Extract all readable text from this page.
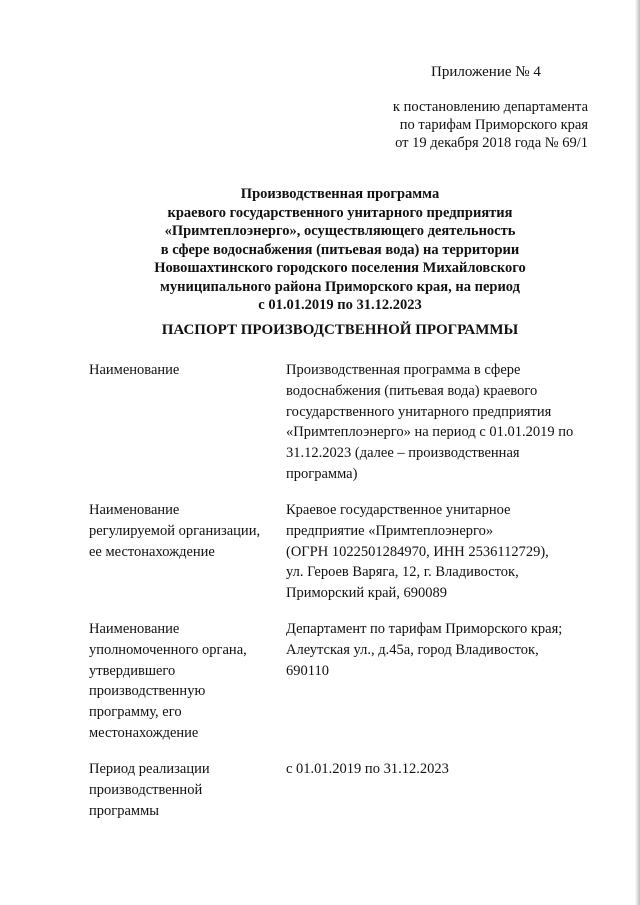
Приложение № 4
к постановлению департамента
по тарифам Приморского края
от 19 декабря 2018 года № 69/1
Производственная программа
краевого государственного унитарного предприятия
«Примтеплоэнерго», осуществляющего деятельность
в сфере водоснабжения (питьевая вода) на территории
Новошахтинского городского поселения Михайловского
муниципального района Приморского края, на период
с 01.01.2019 по 31.12.2023
ПАСПОРТ ПРОИЗВОДСТВЕННОЙ ПРОГРАММЫ
Наименование	Производственная программа в сфере
водоснабжения (питьевая вода) краевого
государственного унитарного предприятия
«Примтеплоэнерго» на период с 01.01.2019 по
31.12.2023 (далее – производственная
программа)
Наименование
регулируемой организации,
ее местонахождение
Краевое государственное унитарное
предприятие «Примтеплоэнерго»
(ОГРН 1022501284970, ИНН 2536112729),
ул. Героев Варяга, 12, г. Владивосток,
Приморский край, 690089
Наименование
уполномоченного органа,
утвердившего
производственную
программу, его
местонахождение
Департамент по тарифам Приморского края;
Алеутская ул., д.45а, город Владивосток,
690110
Период реализации
производственной
программы
с 01.01.2019 по 31.12.2023
